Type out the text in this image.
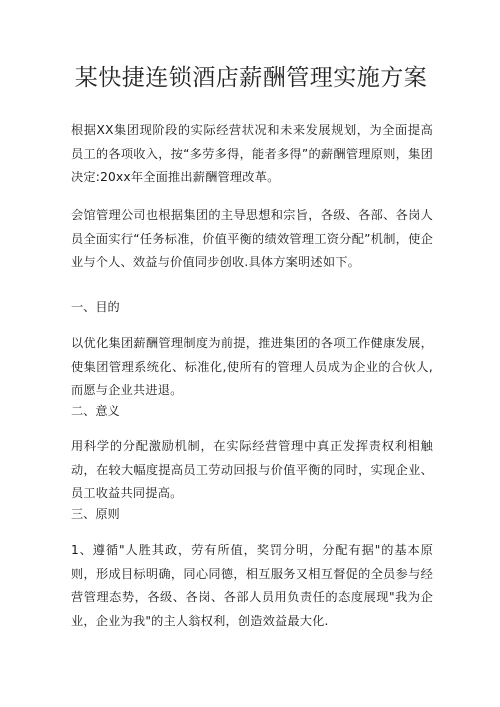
某快捷连锁酒店薪酬管理实施方案

根据XX集团现阶段的实际经营状况和未来发展规划，为全面提高员工的各项收入，按“多劳多得，能者多得”的薪酬管理原则，集团决定:20xx年全面推出薪酬管理改革。

会馆管理公司也根据集团的主导思想和宗旨，各级、各部、各岗人员全面实行“任务标准，价值平衡的绩效管理工资分配”机制，使企业与个人、效益与价值同步创收.具体方案明述如下。

一、目的

以优化集团薪酬管理制度为前提，推进集团的各项工作健康发展，使集团管理系统化、标准化,使所有的管理人员成为企业的合伙人,而愿与企业共进退。

二、意义

用科学的分配激励机制，在实际经营管理中真正发挥责权利相触动，在较大幅度提高员工劳动回报与价值平衡的同时，实现企业、员工收益共同提高。

三、原则

1、遵循"人胜其政，劳有所值，奖罚分明，分配有据"的基本原则，形成目标明确，同心同德，相互服务又相互督促的全员参与经营管理态势，各级、各岗、各部人员用负责任的态度展现"我为企业，企业为我"的主人翁权利，创造效益最大化.
